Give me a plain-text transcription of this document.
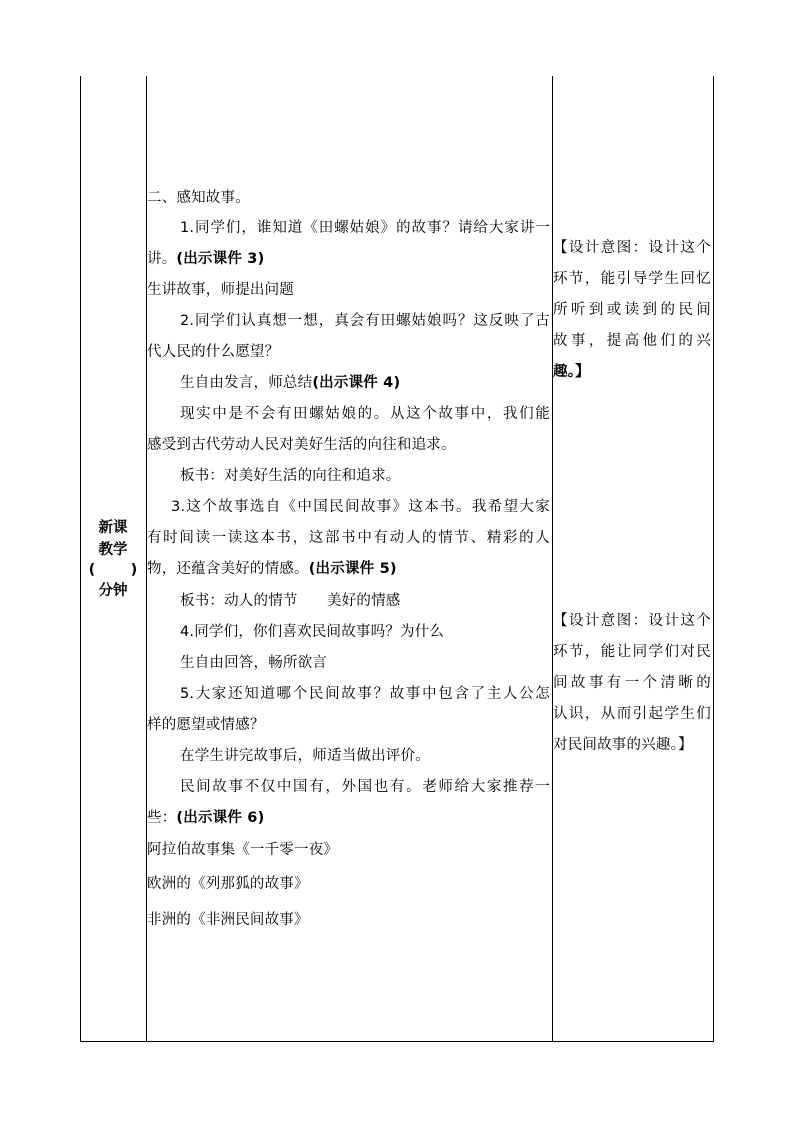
新课
教学
( )
分钟
二、感知故事。
1.同学们，谁知道《田螺姑娘》的故事？请给大家讲一
讲。(出示课件 3)
生讲故事，师提出问题
2.同学们认真想一想，真会有田螺姑娘吗？这反映了古
代人民的什么愿望？
生自由发言，师总结(出示课件 4)
现实中是不会有田螺姑娘的。从这个故事中，我们能
感受到古代劳动人民对美好生活的向往和追求。
板书：对美好生活的向往和追求。
3.这个故事选自《中国民间故事》这本书。我希望大家
有时间读一读这本书，这部书中有动人的情节、精彩的人
物，还蕴含美好的情感。(出示课件 5)
板书：动人的情节　　美好的情感
4.同学们，你们喜欢民间故事吗？为什么
生自由回答，畅所欲言
5.大家还知道哪个民间故事？故事中包含了主人公怎
样的愿望或情感？
在学生讲完故事后，师适当做出评价。
民间故事不仅中国有，外国也有。老师给大家推荐一
些：(出示课件 6)
阿拉伯故事集《一千零一夜》
欧洲的《列那狐的故事》
非洲的《非洲民间故事》
【设计意图：设计这个
环节，能引导学生回忆
所听到或读到的民间
故事，提高他们的兴
趣。】
【设计意图：设计这个
环节，能让同学们对民
间故事有一个清晰的
认识，从而引起学生们
对民间故事的兴趣。】
